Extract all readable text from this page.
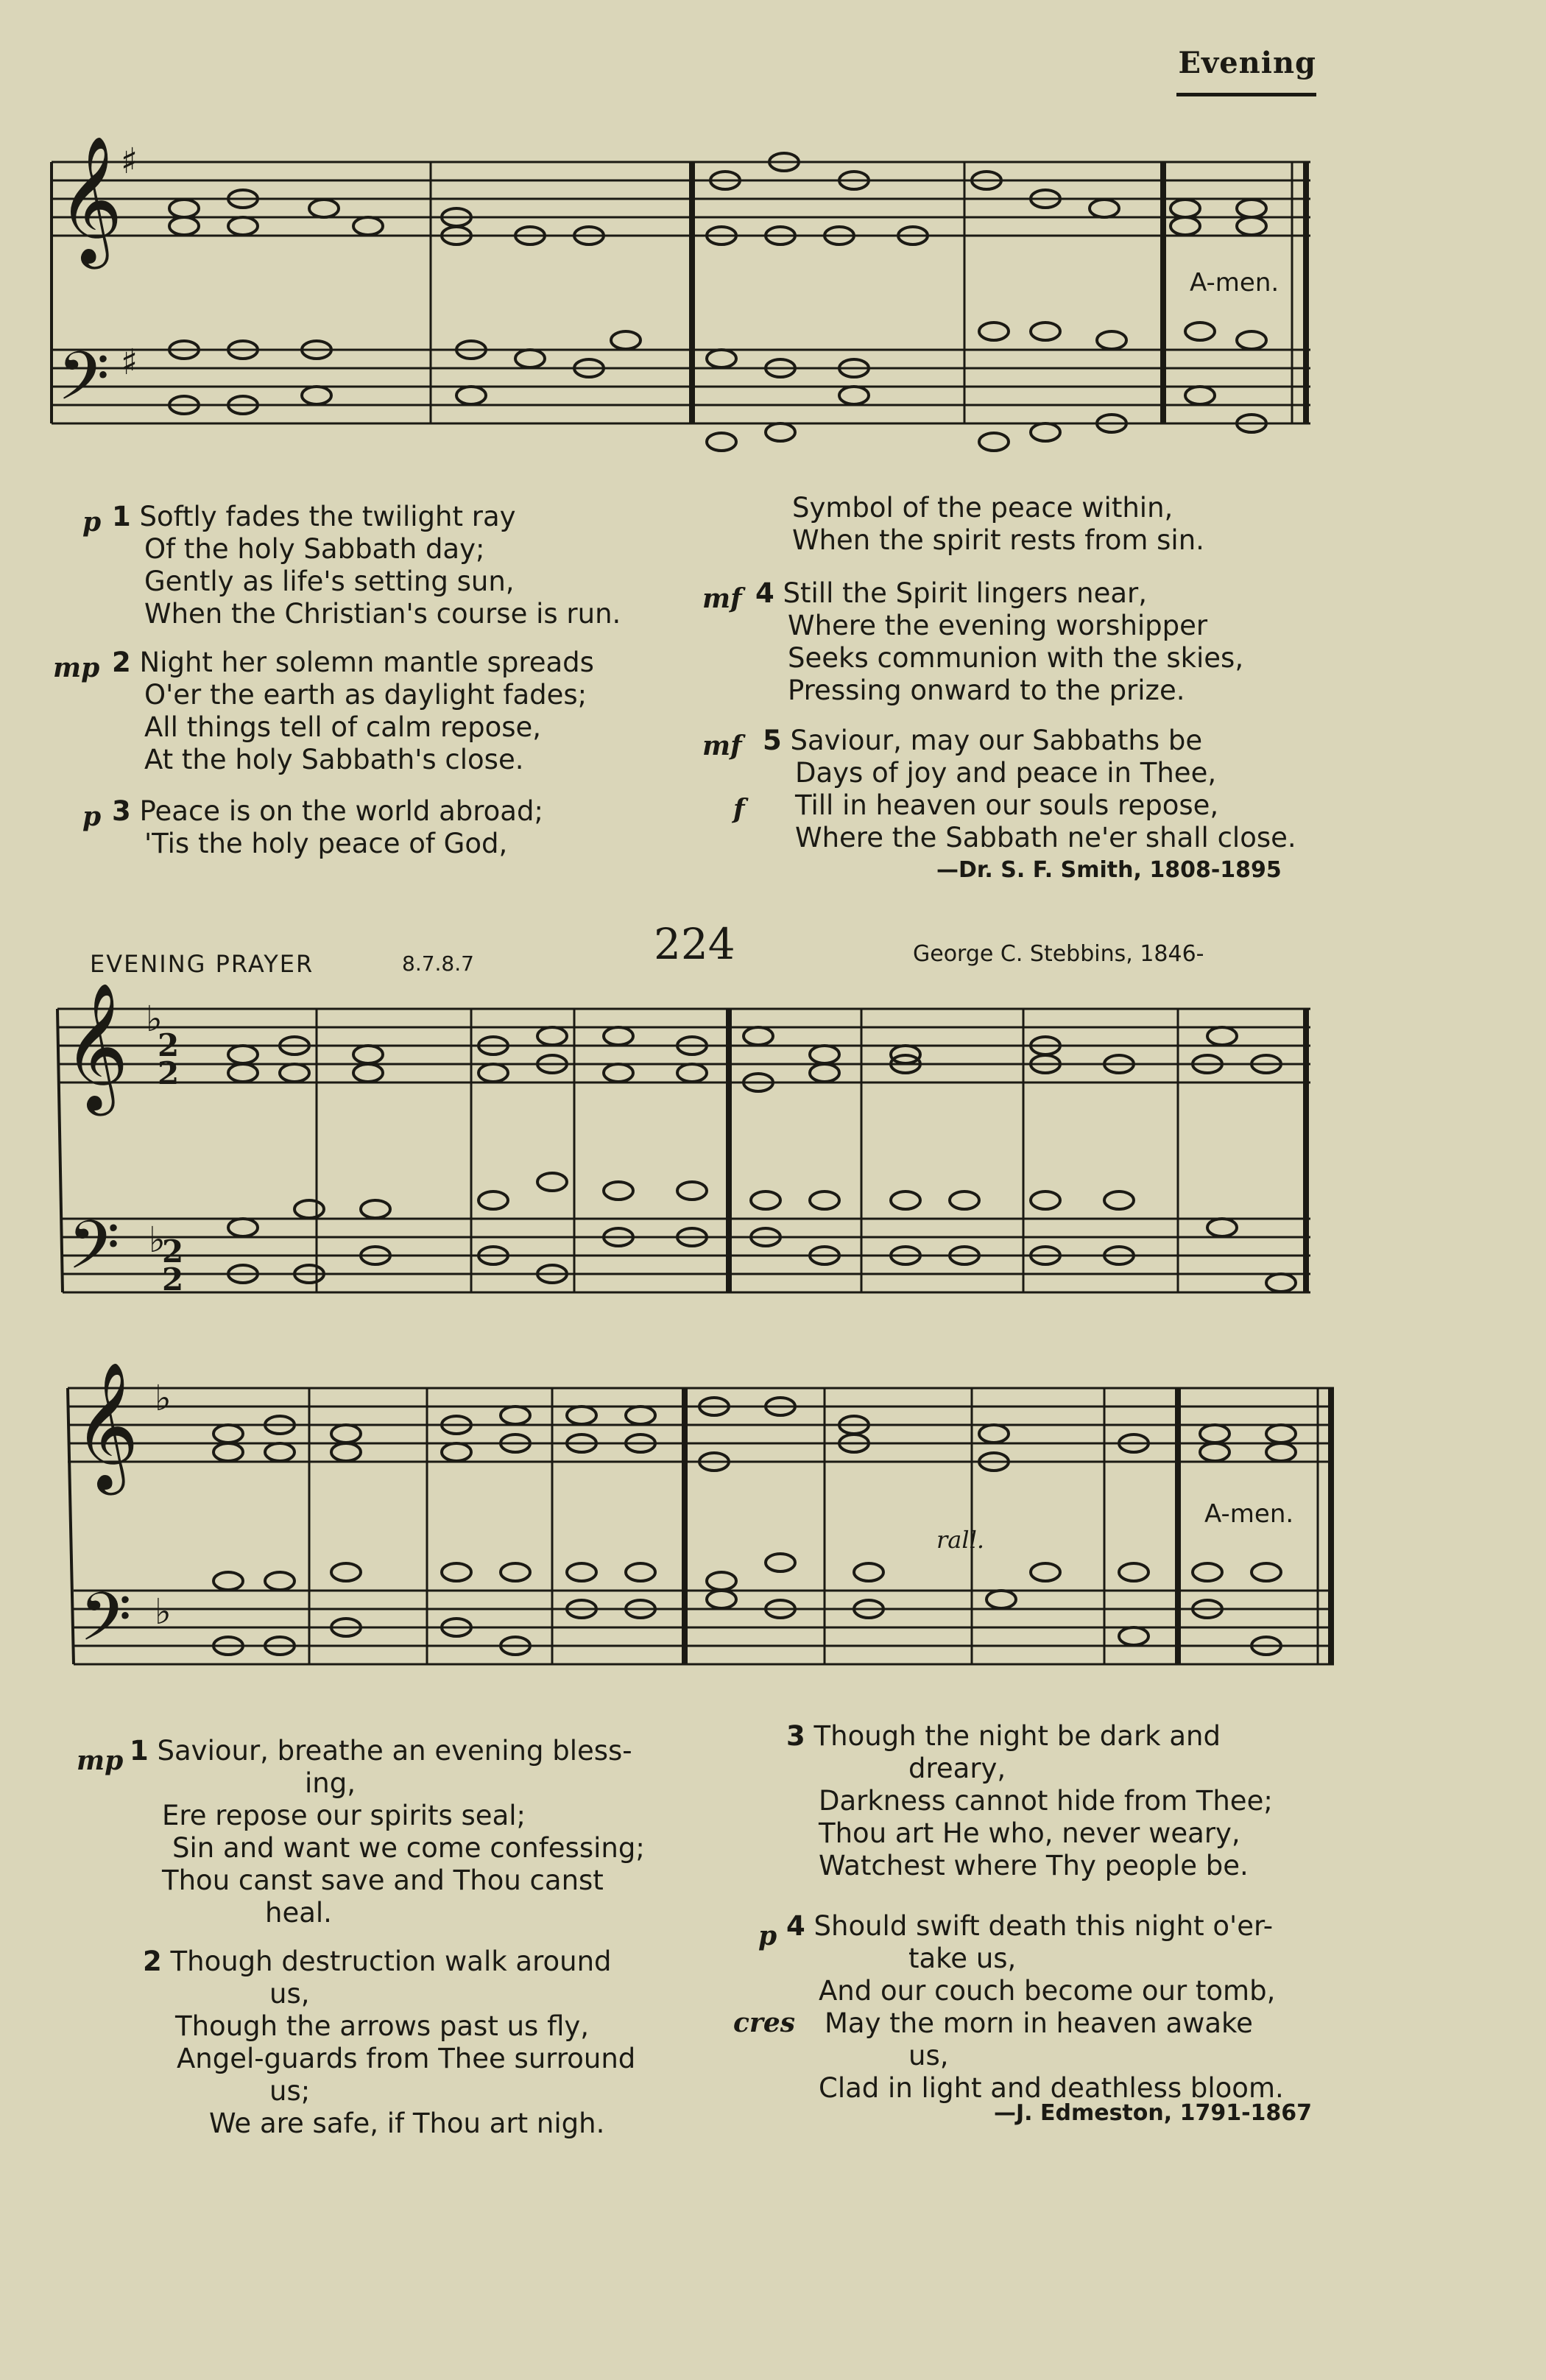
Evening
𝄞
𝄢
♯
♯
𝄞
𝄢
♭
2
2
♭
2
2
𝄞
𝄢
♭
♭
A-men.
A-men.
rall.
p 1 Softly fades the twilight ray
Of the holy Sabbath day;
Gently as life's setting sun,
When the Christian's course is run.
mp 2 Night her solemn mantle spreads
O'er the earth as daylight fades;
All things tell of calm repose,
At the holy Sabbath's close.
p 3 Peace is on the world abroad;
'Tis the holy peace of God,
Symbol of the peace within,
When the spirit rests from sin.
mf 4 Still the Spirit lingers near,
Where the evening worshipper
Seeks communion with the skies,
Pressing onward to the prize.
mf
f
5 Saviour, may our Sabbaths be
Days of joy and peace in Thee,
Till in heaven our souls repose,
Where the Sabbath ne'er shall close.
—Dr. S. F. Smith, 1808-1895
EVENING PRAYER	8.7.8.7	224	George C. Stebbins, 1846-
mp 1 Saviour, breathe an evening bless-
ing,
Ere repose our spirits seal;
Sin and want we come confessing;
Thou canst save and Thou canst
heal.
2 Though destruction walk around
us,
Though the arrows past us fly,
Angel-guards from Thee surround
us;
We are safe, if Thou art nigh.
3 Though the night be dark and
dreary,
Darkness cannot hide from Thee;
Thou art He who, never weary,
Watchest where Thy people be.
p
cres
4 Should swift death this night o'er-
take us,
And our couch become our tomb,
May the morn in heaven awake
us,
Clad in light and deathless bloom.
—J. Edmeston, 1791-1867
